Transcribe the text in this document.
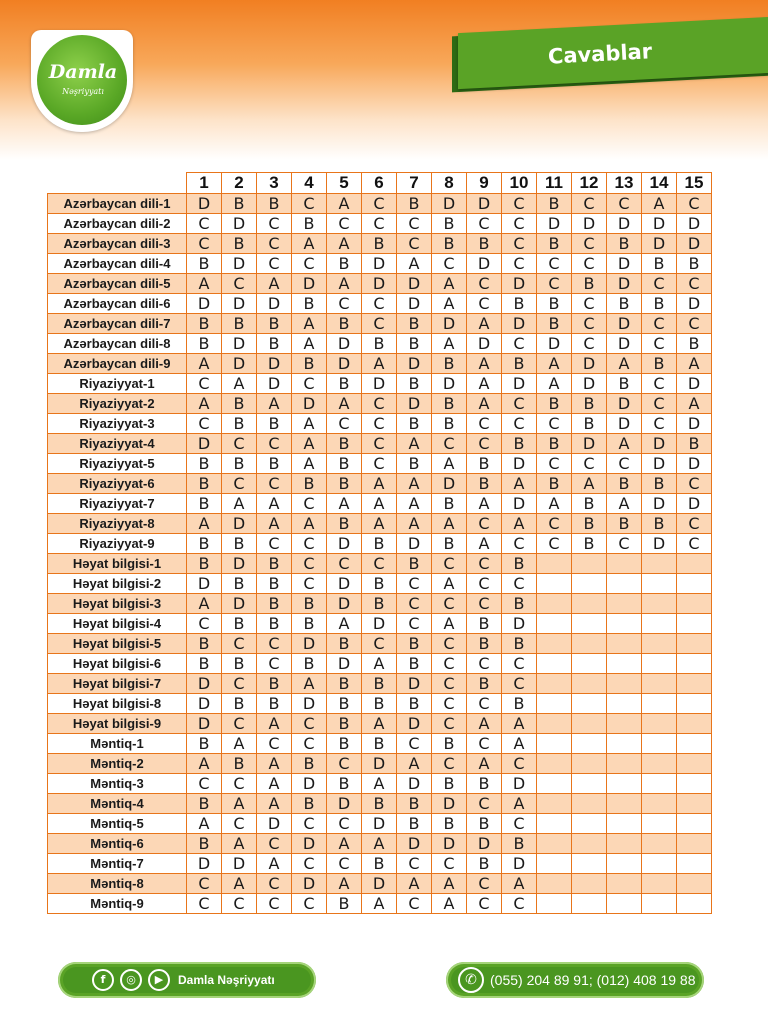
Damla
Nəşriyyatı
Cavablar
	1	2	3	4	5	6	7	8	9	10	11	12	13	14	15
Azərbaycan dili-1	D	B	B	C	A	C	B	D	D	C	B	C	C	A	C
Azərbaycan dili-2	C	D	C	B	C	C	C	B	C	C	D	D	D	D	D
Azərbaycan dili-3	C	B	C	A	A	B	C	B	B	C	B	C	B	D	D
Azərbaycan dili-4	B	D	C	C	B	D	A	C	D	C	C	C	D	B	B
Azərbaycan dili-5	A	C	A	D	A	D	D	A	C	D	C	B	D	C	C
Azərbaycan dili-6	D	D	D	B	C	C	D	A	C	B	B	C	B	B	D
Azərbaycan dili-7	B	B	B	A	B	C	B	D	A	D	B	C	D	C	C
Azərbaycan dili-8	B	D	B	A	D	B	B	A	D	C	D	C	D	C	B
Azərbaycan dili-9	A	D	D	B	D	A	D	B	A	B	A	D	A	B	A
Riyaziyyat-1	C	A	D	C	B	D	B	D	A	D	A	D	B	C	D
Riyaziyyat-2	A	B	A	D	A	C	D	B	A	C	B	B	D	C	A
Riyaziyyat-3	C	B	B	A	C	C	B	B	C	C	C	B	D	C	D
Riyaziyyat-4	D	C	C	A	B	C	A	C	C	B	B	D	A	D	B
Riyaziyyat-5	B	B	B	A	B	C	B	A	B	D	C	C	C	D	D
Riyaziyyat-6	B	C	C	B	B	A	A	D	B	A	B	A	B	B	C
Riyaziyyat-7	B	A	A	C	A	A	A	B	A	D	A	B	A	D	D
Riyaziyyat-8	A	D	A	A	B	A	A	A	C	A	C	B	B	B	C
Riyaziyyat-9	B	B	C	C	D	B	D	B	A	C	C	B	C	D	C
Həyat bilgisi-1	B	D	B	C	C	C	B	C	C	B					
Həyat bilgisi-2	D	B	B	C	D	B	C	A	C	C					
Həyat bilgisi-3	A	D	B	B	D	B	C	C	C	B					
Həyat bilgisi-4	C	B	B	B	A	D	C	A	B	D					
Həyat bilgisi-5	B	C	C	D	B	C	B	C	B	B					
Həyat bilgisi-6	B	B	C	B	D	A	B	C	C	C					
Həyat bilgisi-7	D	C	B	A	B	B	D	C	B	C					
Həyat bilgisi-8	D	B	B	D	B	B	B	C	C	B					
Həyat bilgisi-9	D	C	A	C	B	A	D	C	A	A					
Məntiq-1	B	A	C	C	B	B	C	B	C	A					
Məntiq-2	A	B	A	B	C	D	A	C	A	C					
Məntiq-3	C	C	A	D	B	A	D	B	B	D					
Məntiq-4	B	A	A	B	D	B	B	D	C	A					
Məntiq-5	A	C	D	C	C	D	B	B	B	C					
Məntiq-6	B	A	C	D	A	A	D	D	D	B					
Məntiq-7	D	D	A	C	C	B	C	C	B	D					
Məntiq-8	C	A	C	D	A	D	A	A	C	A					
Məntiq-9	C	C	C	C	B	A	C	A	C	C					
f	◎	▶	Damla Nəşriyyatı	✆ (055) 204 89 91; (012) 408 19 88
